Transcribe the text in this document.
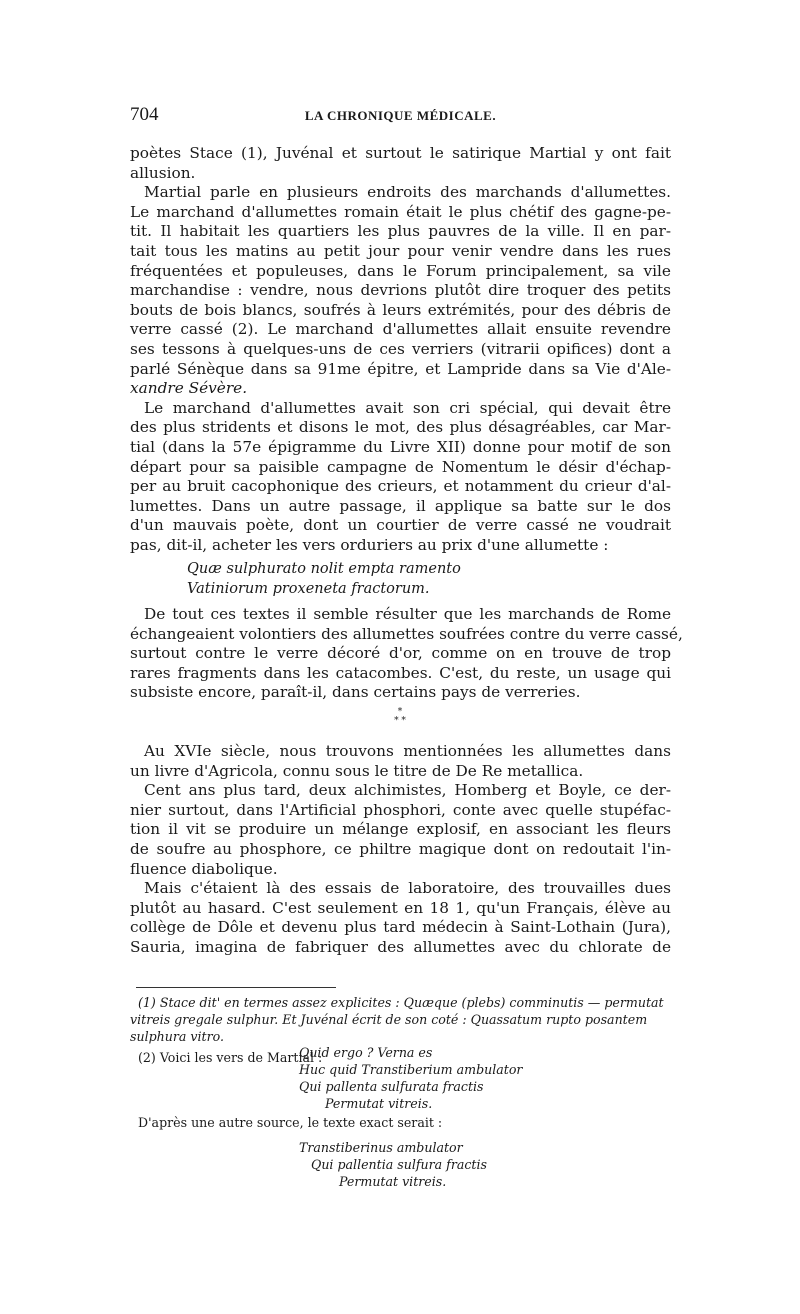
704	LA CHRONIQUE MÉDICALE.
poètes Stace (1), Juvénal et surtout le satirique Martial y ont fait
allusion.
Martial parle en plusieurs endroits des marchands d'allumettes.
Le marchand d'allumettes romain était le plus chétif des gagne-pe-
tit. Il habitait les quartiers les plus pauvres de la ville. Il en par-
tait tous les matins au petit jour pour venir vendre dans les rues
fréquentées et populeuses, dans le Forum principalement, sa vile
marchandise : vendre, nous devrions plutôt dire troquer des petits
bouts de bois blancs, soufrés à leurs extrémités, pour des débris de
verre cassé (2). Le marchand d'allumettes allait ensuite revendre
ses tessons à quelques-uns de ces verriers (vitrarii opifices) dont a
parlé Sénèque dans sa 91me épitre, et Lampride dans sa Vie d'Ale-
xandre Sévère.
Le marchand d'allumettes avait son cri spécial, qui devait être
des plus stridents et disons le mot, des plus désagréables, car Mar-
tial (dans la 57e épigramme du Livre XII) donne pour motif de son
départ pour sa paisible campagne de Nomentum le désir d'échap-
per au bruit cacophonique des crieurs, et notamment du crieur d'al-
lumettes. Dans un autre passage, il applique sa batte sur le dos
d'un mauvais poète, dont un courtier de verre cassé ne voudrait
pas, dit-il, acheter les vers orduriers au prix d'une allumette :
Quæ sulphurato nolit empta ramento
Vatiniorum proxeneta fractorum.
De tout ces textes il semble résulter que les marchands de Rome
échangeaient volontiers des allumettes soufrées contre du verre cassé,
surtout contre le verre décoré d'or, comme on en trouve de trop
rares fragments dans les catacombes. C'est, du reste, un usage qui
subsiste encore, paraît-il, dans certains pays de verreries.
*
* *
Au XVIe siècle, nous trouvons mentionnées les allumettes dans
un livre d'Agricola, connu sous le titre de De Re metallica.
Cent ans plus tard, deux alchimistes, Homberg et Boyle, ce der-
nier surtout, dans l'Artificial phosphori, conte avec quelle stupéfac-
tion il vit se produire un mélange explosif, en associant les fleurs
de soufre au phosphore, ce philtre magique dont on redoutait l'in-
fluence diabolique.
Mais c'étaient là des essais de laboratoire, des trouvailles dues
plutôt au hasard. C'est seulement en 18 1, qu'un Français, élève au
collège de Dôle et devenu plus tard médecin à Saint-Lothain (Jura),
Sauria, imagina de fabriquer des allumettes avec du chlorate de
(1) Stace dit' en termes assez explicites : Quæque (plebs) comminutis — permutat
vitreis gregale sulphur. Et Juvénal écrit de son coté : Quassatum rupto posantem
sulphura vitro.
(2) Voici les vers de Martial :
Quid ergo ? Verna es
Huc quid Transtiberium ambulator
Qui pallenta sulfurata fractis
Permutat vitreis.
D'après une autre source, le texte exact serait :
Transtiberinus ambulator
Qui pallentia sulfura fractis
Permutat vitreis.
